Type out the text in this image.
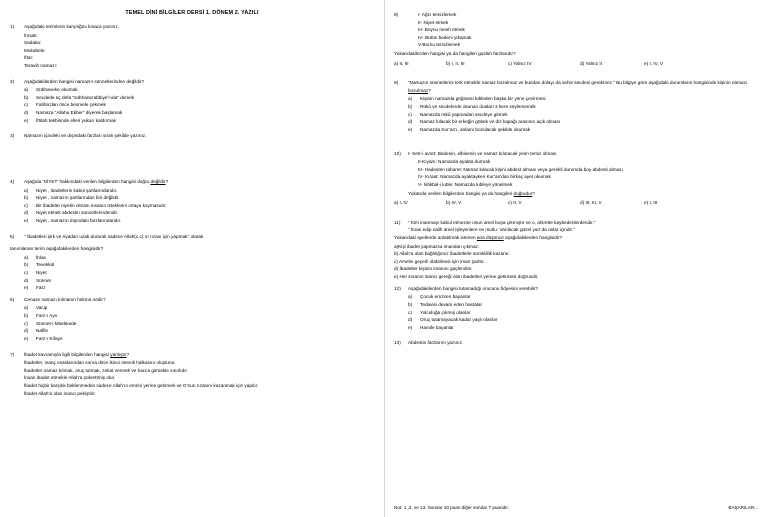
TEMEL DİNİ BİLGİLER DERSİ 1. DÖNEM 2. YAZILI
1)	Aşağıdaki terimlerin karşılığını kısaca yazınız.
İmsak:
Sadaka:
Mukabele:
İftar:
Teravih namazı:
2)	Aşağıdakilerden hangisi namazın sünnetlerinden değildir?
a) Sübhaneke okumak
b) Secdede üç defa “sübhanerabbiye’l-ala” demek
c) Fatiha’dan önce besmele çekmek
d) Namaza “Allahu Ekber” diyerek başlamak
e) İftitah tekbirinde elleri yukarı kaldırmak
3)	Namazın içindeki ve dışındaki farzları sıralı şekilde yazınız.
4)	Aşağıda ‘NİYET’ hakkındaki verilen bilgilerden hangisi doğru değildir?
a) Niyet , ibadetlerin kabul şartlarındandır.
b) Niyet , namazın şartlarından biri değildir.
c) Bir ibadette niyetin olması insanın isteklerini ortaya koymasıdır.
d) Niyet etmek abdestin sünnetlerindendir.
e) Niyet , namazın dışındaki farzlarındandır.
5)	‘’ İbadetleri şirk ve riyadan uzak durarak sadece Allah(c.c) ın rızası için yapmak’’ olarak
tanımlanan terim aşağıdakilerden hangisidir?
a) İhlas
b) Tevekkül
c) Niyet
d) Sünnet
e) Farz
6)	Cenaze namazı kılmanın hükmü nedir?
a) Vacip
b) Farz-ı Ayn
c) Sünnet-i Müekkede
d) Nafile
e) Farz-ı Kifaye
7)	İbadet kavramıyla ilgili bilgilerden hangisi yanlıştır?
İbadetler, inanç esaslarından sonra dinin ikinci önemli halkasını oluşturur.
İbadetler namaz kılmak, oruç tutmak, zekat vermek ve hacca gitmekle sınırlıdır.
İnsan ibadet etmekle Allah’a şükrettmiş olur.
İbadet hiçbir karşılık beklenmeden sadece Allah’ın emrini yerine getirmek ve O’nun rızasını kazanmak için yapılır.
İbadet Allah’a olan inancı pekiştirir.
8)	I- Ağzı temizlemek
II- Niyet etmek
III- Boynu mesh etmek
IV- Bütün bedeni yıkamak
V-Burnu temizlemek
Yukarıdakilerden hangisi ya da hangileri guslün farzlarıdır?
a) II, III	b) I, II, III	c) Yalnız IV	d) Yalnız II	e) I, IV, V
9)	“Namazın sünnetlerini terk etmekle namaz bozulmaz ve bundan dolayı da sehiv secdesi gerekmez.” Bu bilgiye göre aşağıdaki durumların hangisinde kişinin namazı bozulmaz?
a) Kişinin namazda göğsünü kıbleden başka bir yöne çevirmesi
b) Rükû ve secdelerde okunan duaları 3 kere söylememek
c) Namazda rükû yapmadan secdeye gitmek
d) Namaz kılacak bir erkeğin göbek ve diz kapağı arasının açık olması
e) Namazda Kur’an’ı, anlamı bozulacak şekilde okumak
10)	I- Setr-i avret: Bedenin, elbisenin ve namaz kılınacak yerin temiz olması
II-Kıyam: Namazda ayakta durmak
III- Hadesten taharet: Namaz kılacak kişini abdest alması veya gerekli durumda boy abdesti alması
IV- Kıraat: Namazda ayaktayken Kur’an’dan birkaç ayet okumak
V- İstikbal-i kıble: Namazda kıbleye yönelmek
Yukarıda verilen bilgilerden hangisi ya da hangileri doğrudur?
a) I, IV	b) IV, V	c) II, V	d) III, III, V	e) I, III
11)	“ Kim inanmayı kabul etmezse onun amel boşa çıkmıştır ve o, ahirette kaybedenlerdendir.”
“ İman edip salih amel işleyenlere ne mutlu. Varılacak güzel yurt da onlar içindir.”
Yukarıdaki ayetlerde anlatılmak istenen ana düşünce aşağıdakilerden hangisidir?
a)Kişi ibadet yapmazsa imandan çıkmaz.
b) Allah’a olan bağlılığımız ibadetlerle sürekliilik kazanır.
c) Amelin geçerli olabilmesi için iman şarttır.
d) İbadetler kişinin imanını güçlendirir.
e) Her insanın inancı gereği olan ibadetleri yerine getirmesi doğrusdir.
12)	Aşağıdakilerden hangisi tutamadığı orucunu fidyesini verebilir?
a) Çocuk emziren bayanlar
b) Tedavisi devam eden hastalar
c) Yolculuğa çıkmış olanlar
d) Oruç tutamayacak kadar yaşlı olanlar
e) Hamile bayanlar
13)	Abdestin farzlarını yazınız.
Not: 1.,3. ve 13. Sorular 10 puan diğer sorular 7 puandır.	BAŞARILAR...
